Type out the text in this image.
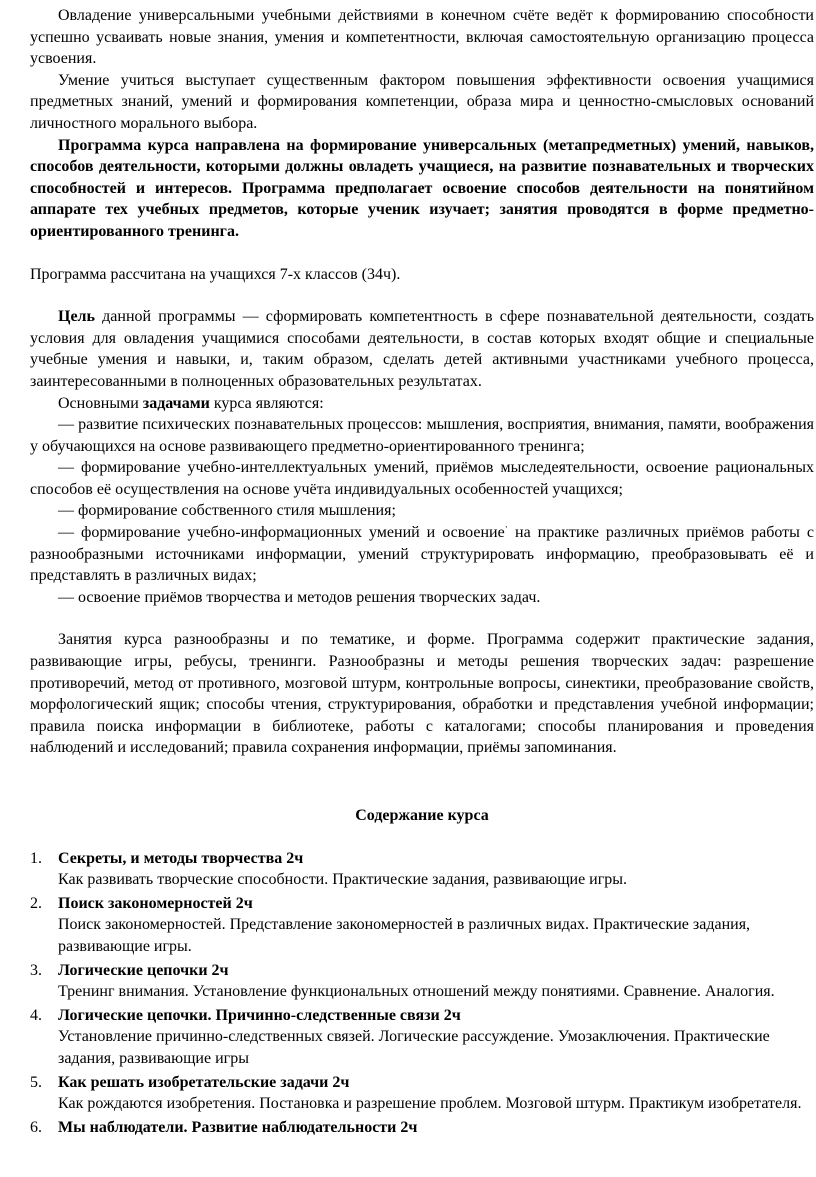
Овладение универсальными учебными действиями в конечном счёте ведёт к формированию способности успешно усваивать новые знания, умения и компетентности, включая самостоятельную организацию процесса усвоения.

Умение учиться выступает существенным фактором повышения эффективности освоения учащимися предметных знаний, умений и формирования компетенции, образа мира и ценностно-смысловых оснований личностного морального выбора.

Программа курса направлена на формирование универсальных (метапредметных) умений, навыков, способов деятельности, которыми должны овладеть учащиеся, на развитие познавательных и творческих способностей и интересов. Программа предполагает освоение способов деятельности на понятийном аппарате тех учебных предметов, которые ученик изучает; занятия проводятся в форме предметно-ориентированного тренинга.

Программа рассчитана на учащихся 7-х классов (34ч).

Цель данной программы — сформировать компетентность в сфере познавательной деятельности, создать условия для овладения учащимися способами деятельности, в состав которых входят общие и специальные учебные умения и навыки, и, таким образом, сделать детей активными участниками учебного процесса, заинтересованными в полноценных образовательных результатах.

Основными задачами курса являются:

— развитие психических познавательных процессов: мышления, восприятия, внимания, памяти, воображения у обучающихся на основе развивающего предметно-ориентированного тренинга;

— формирование учебно-интеллектуальных умений, приёмов мыследеятельности, освоение рациональных способов её осуществления на основе учёта индивидуальных особенностей учащихся;

— формирование собственного стиля мышления;

— формирование учебно-информационных умений и освоение· на практике различных приёмов работы с разнообразными источниками информации, умений структурировать информацию, преобразовывать её и представлять в различных видах;

— освоение приёмов творчества и методов решения творческих задач.

Занятия курса разнообразны и по тематике, и форме. Программа содержит практические задания, развивающие игры, ребусы, тренинги. Разнообразны и методы решения творческих задач: разрешение противоречий, метод от противного, мозговой штурм, контрольные вопросы, синектики, преобразование свойств, морфологический ящик; способы чтения, структурирования, обработки и представления учебной информации; правила поиска информации в библиотеке, работы с каталогами; способы планирования и проведения наблюдений и исследований; правила сохранения информации, приёмы запоминания.

Содержание курса

1. Секреты, и методы творчества 2ч
Как развивать творческие способности. Практические задания, развивающие игры.
2. Поиск закономерностей 2ч
Поиск закономерностей. Представление закономерностей в различных видах. Практические задания, развивающие игры.
3. Логические цепочки 2ч
Тренинг внимания. Установление функциональных отношений между понятиями. Сравнение. Аналогия.
4. Логические цепочки. Причинно-следственные связи 2ч
Установление причинно-следственных связей. Логические рассуждение. Умозаключения. Практические задания, развивающие игры
5. Как решать изобретательские задачи 2ч
Как рождаются изобретения. Постановка и разрешение проблем. Мозговой штурм. Практикум изобретателя.
6. Мы наблюдатели. Развитие наблюдательности 2ч
